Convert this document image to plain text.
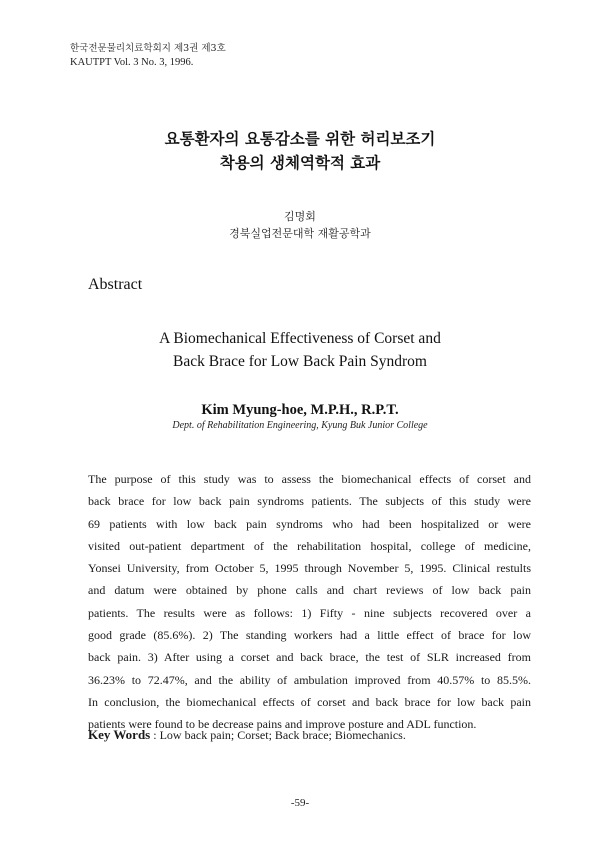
한국전문물리치료학회지 제3권 제3호
KAUTPT Vol. 3 No. 3, 1996.
요통환자의 요통감소를 위한 허리보조기
착용의 생체역학적 효과
김명회
경북실업전문대학 재활공학과
Abstract
A Biomechanical Effectiveness of Corset and
Back Brace for Low Back Pain Syndrom
Kim Myung-hoe, M.P.H., R.P.T.
Dept. of Rehabilitation Engineering, Kyung Buk Junior College
The purpose of this study was to assess the biomechanical effects of corset and
back brace for low back pain syndroms patients. The subjects of this study were
69 patients with low back pain syndroms who had been hospitalized or were
visited out-patient department of the rehabilitation hospital, college of medicine,
Yonsei University, from October 5, 1995 through November 5, 1995. Clinical restults
and datum were obtained by phone calls and chart reviews of low back pain
patients. The results were as follows: 1) Fifty - nine subjects recovered over a
good grade (85.6%). 2) The standing workers had a little effect of brace for low
back pain. 3) After using a corset and back brace, the test of SLR increased from
36.23% to 72.47%, and the ability of ambulation improved from 40.57% to 85.5%.
In conclusion, the biomechanical effects of corset and back brace for low back pain
patients were found to be decrease pains and improve posture and ADL function.
Key Words : Low back pain; Corset; Back brace; Biomechanics.
-59-
